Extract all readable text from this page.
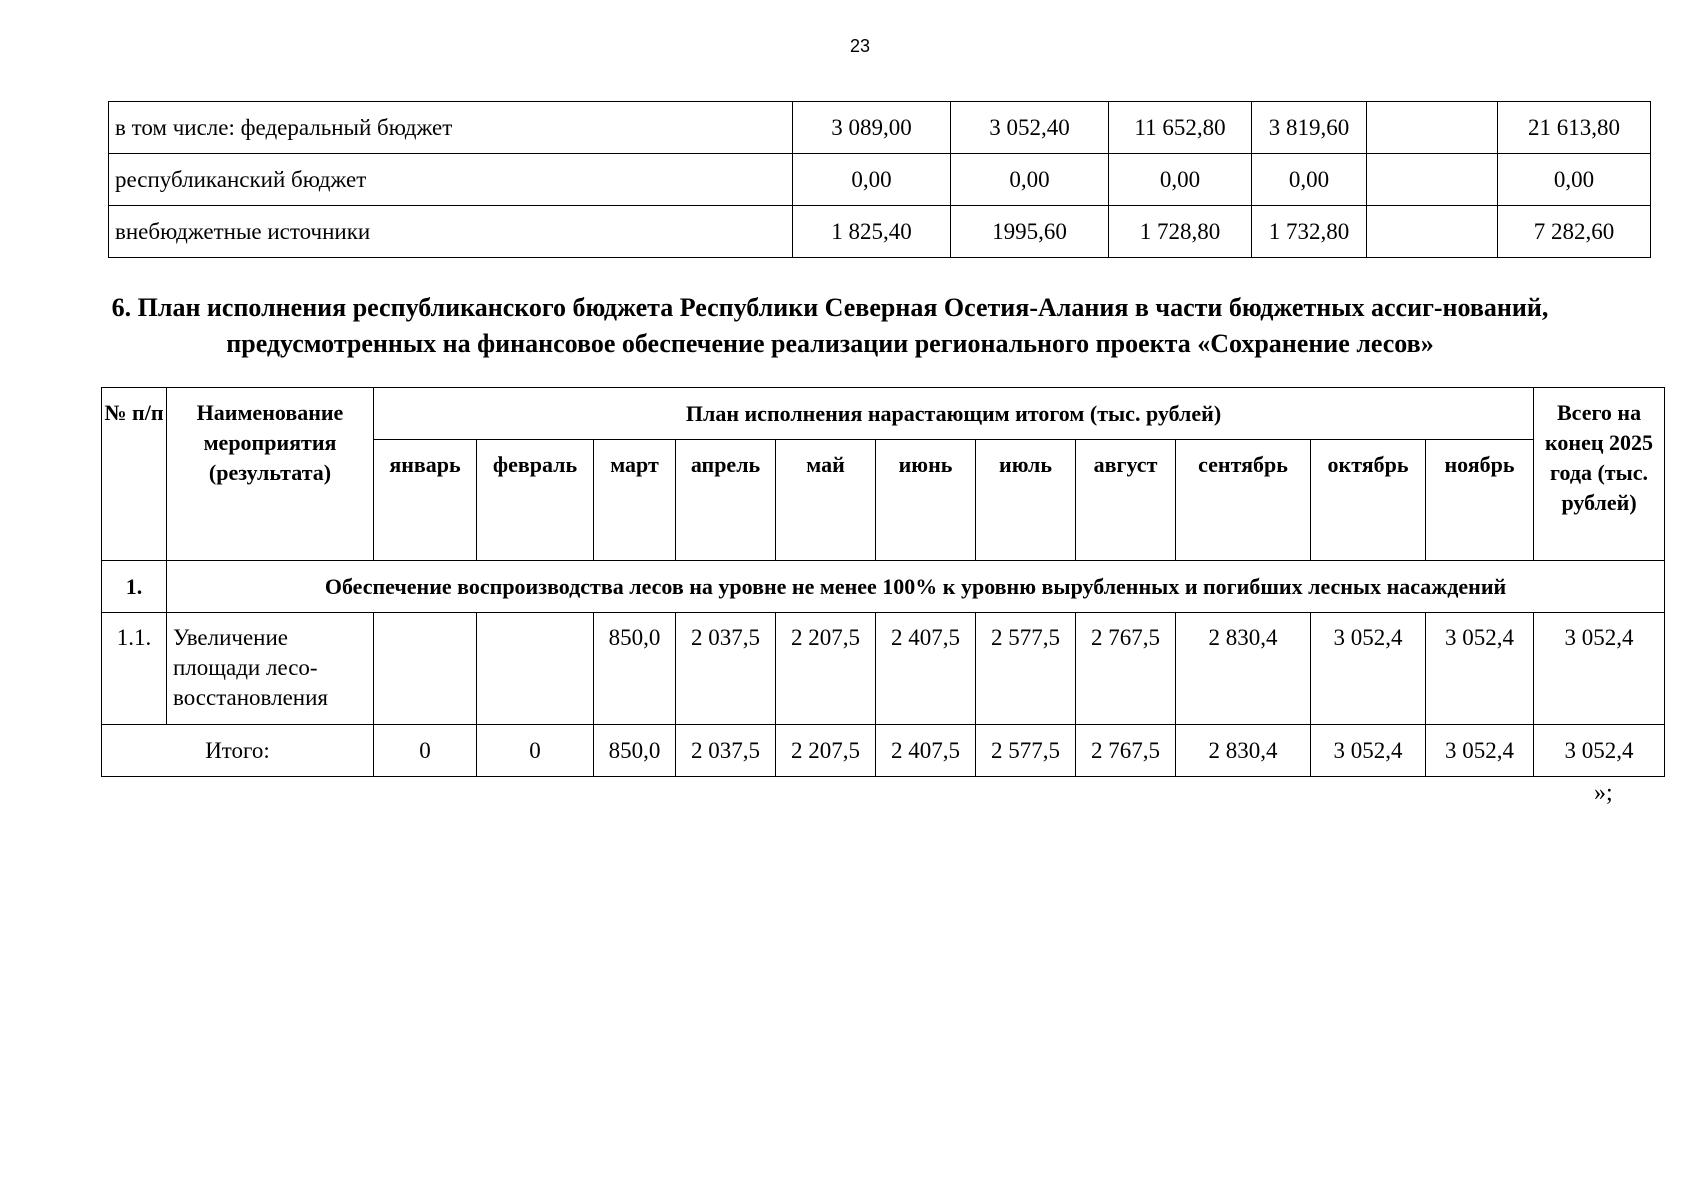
23
в том числе: федеральный бюджет	3 089,00	3 052,40	11 652,80	3 819,60		21 613,80
республиканский бюджет	0,00	0,00	0,00	0,00		0,00
внебюджетные источники	1 825,40	1995,60	1 728,80	1 732,80		7 282,60
6. План исполнения республиканского бюджета Республики Северная Осетия-Алания в части бюджетных ассиг-нований, предусмотренных на финансовое обеспечение реализации регионального проекта «Сохранение лесов»
№ п/п	Наименование мероприятия (результата)	План исполнения нарастающим итогом (тыс. рублей)											Всего на конец 2025 года (тыс. рублей)
		январь	февраль	март	апрель	май	июнь	июль	август	сентябрь	октябрь	ноябрь	
1.	Обеспечение воспроизводства лесов на уровне не менее 100% к уровню вырубленных и погибших лесных насаждений												
1.1.	Увеличение площади лесо-восстановления			850,0	2 037,5	2 207,5	2 407,5	2 577,5	2 767,5	2 830,4	3 052,4	3 052,4	3 052,4
Итого:		0	0	850,0	2 037,5	2 207,5	2 407,5	2 577,5	2 767,5	2 830,4	3 052,4	3 052,4	3 052,4
»;
